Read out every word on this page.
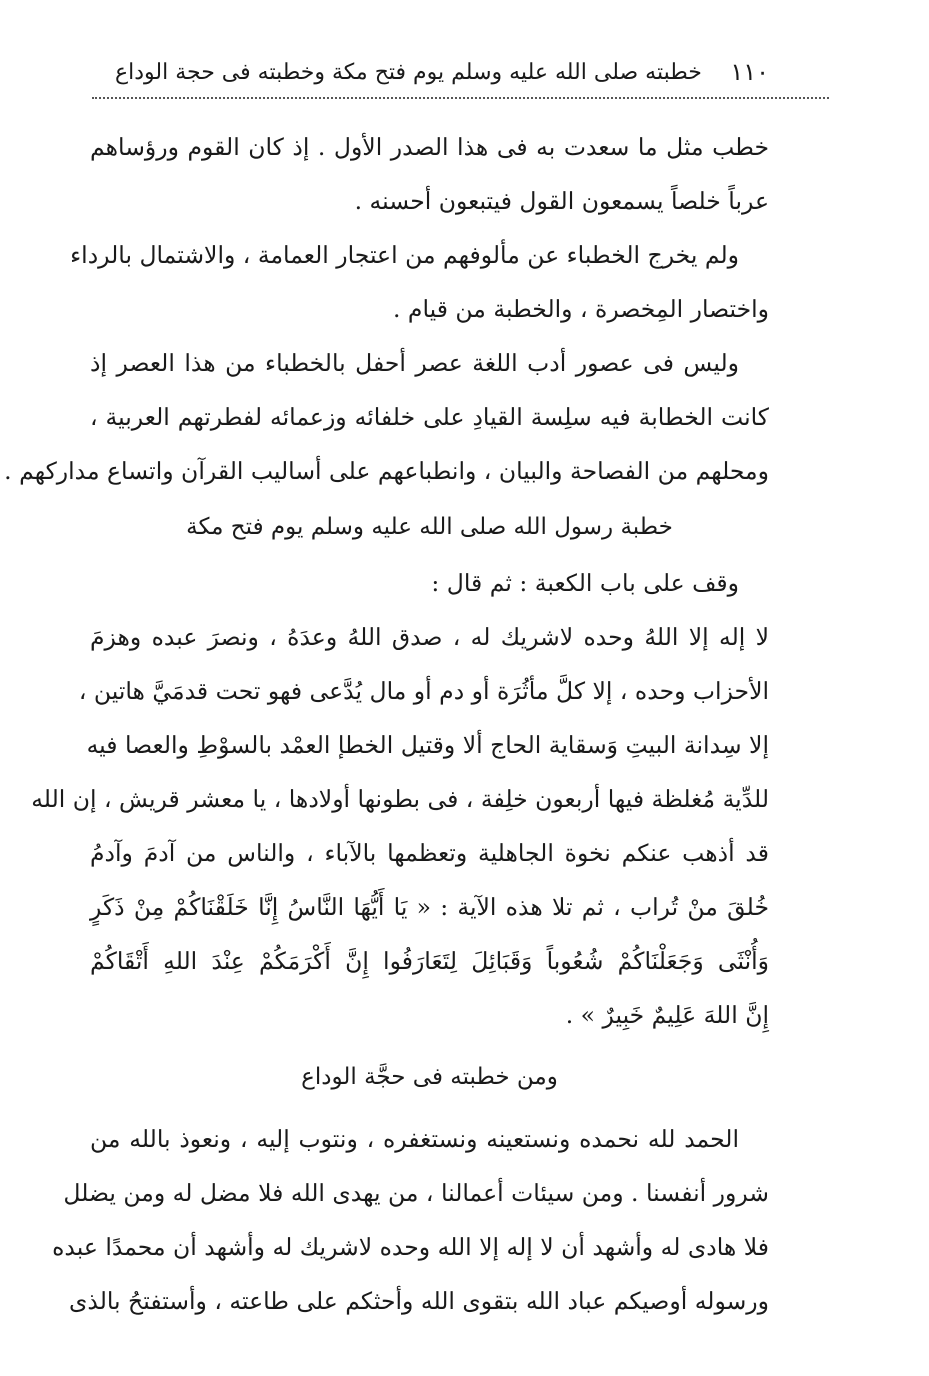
١١٠
خطبته صلى الله عليه وسلم يوم فتح مكة وخطبته فى حجة الوداع
خطب مثل ما سعدت به فى هذا الصدر الأول . إذ كان القوم ورؤساهم
عرباً خلصاً يسمعون القول فيتبعون أحسنه .
ولم يخرج الخطباء عن مألوفهم من اعتجار العمامة ، والاشتمال بالرداء
واختصار المِخصرة ، والخطبة من قيام .
وليس فى عصور أدب اللغة عصر أحفل بالخطباء من هذا العصر إذ
كانت الخطابة فيه سلِسة القيادِ على خلفائه وزعمائه لفطرتهم العربية ،
ومحلهم من الفصاحة والبيان ، وانطباعهم على أساليب القرآن واتساع مداركهم .
خطبة رسول الله صلى الله عليه وسلم يوم فتح مكة
وقف على باب الكعبة : ثم قال :
لا إله إلا اللهُ وحده لاشريك له ، صدق اللهُ وعدَهُ ، ونصرَ عبده وهزمَ
الأحزاب وحده ، إلا كلَّ مأثُرَة أو دم أو مال يُدَّعى فهو تحت قدمَيَّ هاتين ،
إلا سِدانة البيتِ وَسقاية الحاج ألا وقتيل الخطإ العمْد بالسوْطِ والعصا فيه
للدِّية مُغلظة فيها أربعون خلِفة ، فى بطونها أولادها ، يا معشر قريش ، إن الله
قد أذهب عنكم نخوة الجاهلية وتعظمها بالآباء ، والناس من آدمَ وآدمُ
خُلقَ منْ تُراب ، ثم تلا هذه الآية : « يَا أَيُّهَا النَّاسُ إِنَّا خَلَقْنَاكُمْ مِنْ ذَكَرٍ
وَأُنْثَى وَجَعَلْنَاكُمْ شُعُوباً وَقَبَائِلَ لِتَعَارَفُوا إِنَّ أَكْرَمَكُمْ عِنْدَ اللهِ أَتْقَاكُمْ
إِنَّ اللهَ عَلِيمٌ خَبِيرٌ » .
ومن خطبته فى حجَّة الوداع
الحمد لله نحمده ونستعينه ونستغفره ، ونتوب إليه ، ونعوذ بالله من
شرور أنفسنا . ومن سيئات أعمالنا ، من يهدى الله فلا مضل له ومن يضلل
فلا هادى له وأشهد أن لا إله إلا الله وحده لاشريك له وأشهد أن محمدًا عبده
ورسوله أوصيكم عباد الله بتقوى الله وأحثكم على طاعته ، وأستفتحُ بالذى
